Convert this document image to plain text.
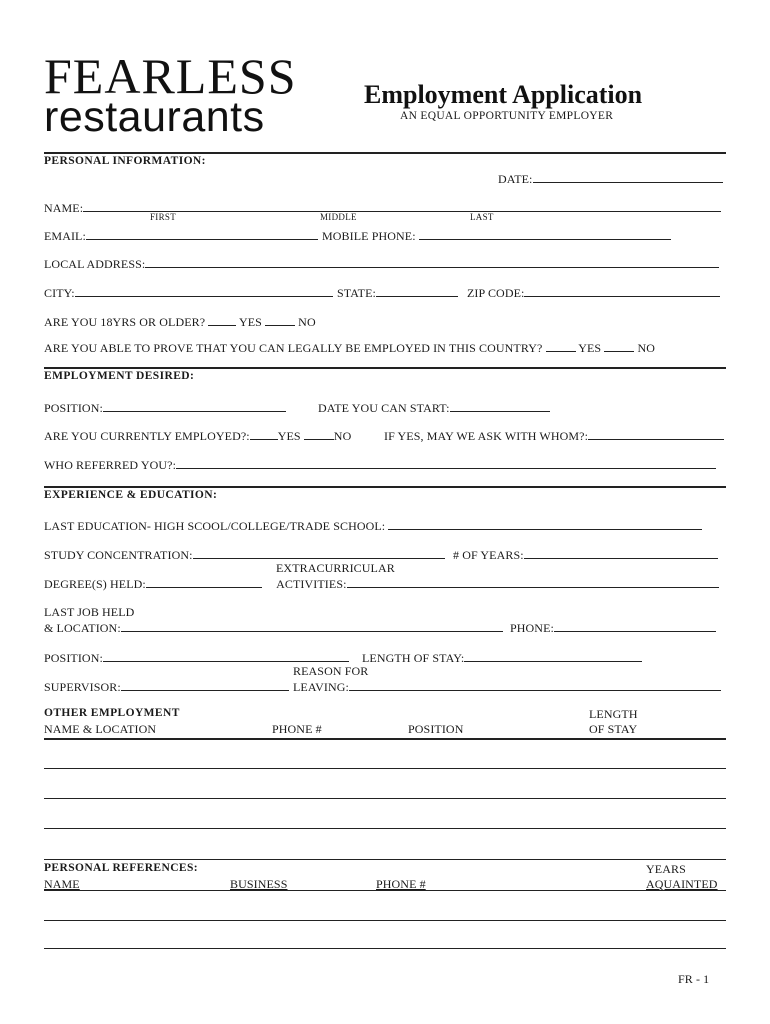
FEARLESS
restaurants	Employment Application
AN EQUAL OPPORTUNITY EMPLOYER
PERSONAL INFORMATION:
DATE:
NAME:
FIRST	MIDDLE	LAST
EMAIL:	MOBILE PHONE:
LOCAL ADDRESS:
CITY:	STATE:	ZIP CODE:
ARE YOU 18YRS OR OLDER?	YES	NO
ARE YOU ABLE TO PROVE THAT YOU CAN LEGALLY BE EMPLOYED IN THIS COUNTRY?	YES	NO
EMPLOYMENT DESIRED:
POSITION:	DATE YOU CAN START:
ARE YOU CURRENTLY EMPLOYED?: YES	NO	IF YES, MAY WE ASK WITH WHOM?:
WHO REFERRED YOU?:
EXPERIENCE & EDUCATION:
LAST EDUCATION- HIGH SCOOL/COLLEGE/TRADE SCHOOL:
STUDY CONCENTRATION:	# OF YEARS:
EXTRACURRICULAR
DEGREE(S) HELD:	ACTIVITIES:
LAST JOB HELD
& LOCATION:	PHONE:
POSITION:	LENGTH OF STAY:
REASON FOR
SUPERVISOR:	LEAVING:
OTHER EMPLOYMENT
NAME & LOCATION	PHONE #	POSITION
LENGTH
OF STAY
PERSONAL REFERENCES:
NAME	BUSINESS	PHONE #
YEARS
AQUAINTED
FR - 1
